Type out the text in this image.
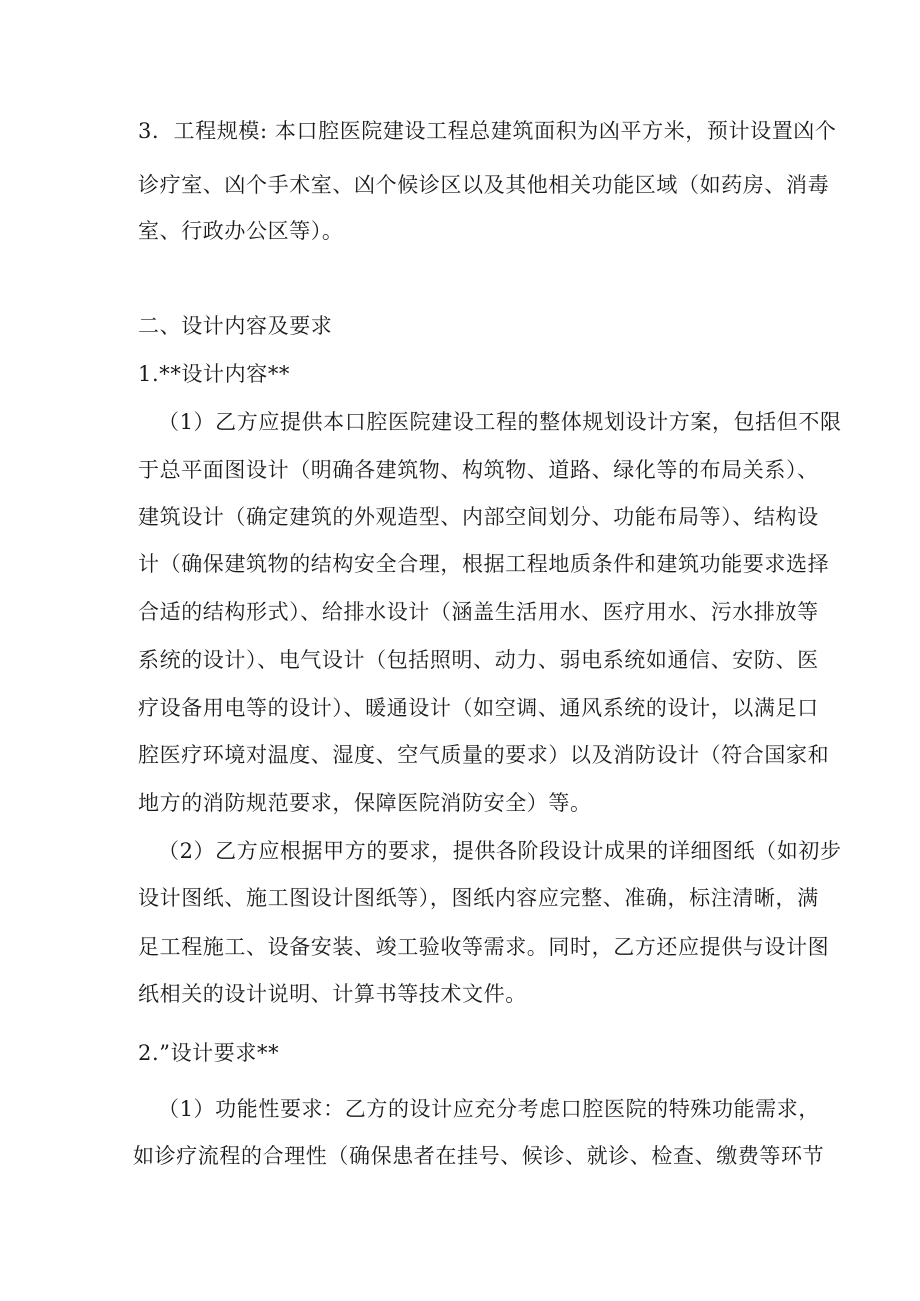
3．工程规模: 本口腔医院建设工程总建筑面积为凶平方米，预计设置凶个
诊疗室、凶个手术室、凶个候诊区以及其他相关功能区域（如药房、消毒
室、行政办公区等）。
二、设计内容及要求
1.**设计内容**
（1）乙方应提供本口腔医院建设工程的整体规划设计方案，包括但不限
于总平面图设计（明确各建筑物、构筑物、道路、绿化等的布局关系）、
建筑设计（确定建筑的外观造型、内部空间划分、功能布局等）、结构设
计（确保建筑物的结构安全合理，根据工程地质条件和建筑功能要求选择
合适的结构形式）、给排水设计（涵盖生活用水、医疗用水、污水排放等
系统的设计）、电气设计（包括照明、动力、弱电系统如通信、安防、医
疗设备用电等的设计）、暖通设计（如空调、通风系统的设计，以满足口
腔医疗环境对温度、湿度、空气质量的要求）以及消防设计（符合国家和
地方的消防规范要求，保障医院消防安全）等。
（2）乙方应根据甲方的要求，提供各阶段设计成果的详细图纸（如初步
设计图纸、施工图设计图纸等），图纸内容应完整、准确，标注清晰，满
足工程施工、设备安装、竣工验收等需求。同时，乙方还应提供与设计图
纸相关的设计说明、计算书等技术文件。
2.”设计要求**
（1）功能性要求：乙方的设计应充分考虑口腔医院的特殊功能需求，
如诊疗流程的合理性（确保患者在挂号、候诊、就诊、检查、缴费等环节
